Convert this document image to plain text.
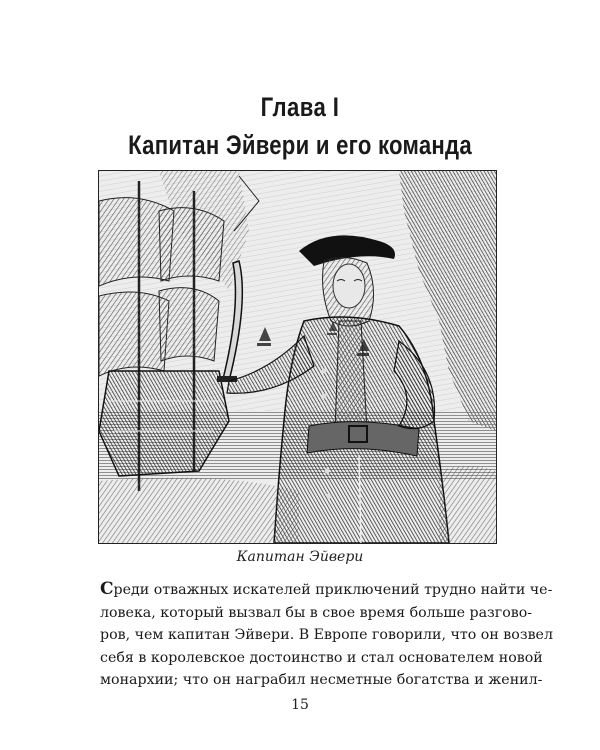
Глава I
Капитан Эйвери и его команда
Капитан Эйвери
Среди отважных искателей приключений трудно найти че-
ловека, который вызвал бы в свое время больше разгово-
ров, чем капитан Эйвери. В Европе говорили, что он возвел
себя в королевское достоинство и стал основателем новой
монархии; что он награбил несметные богатства и женил-
15
